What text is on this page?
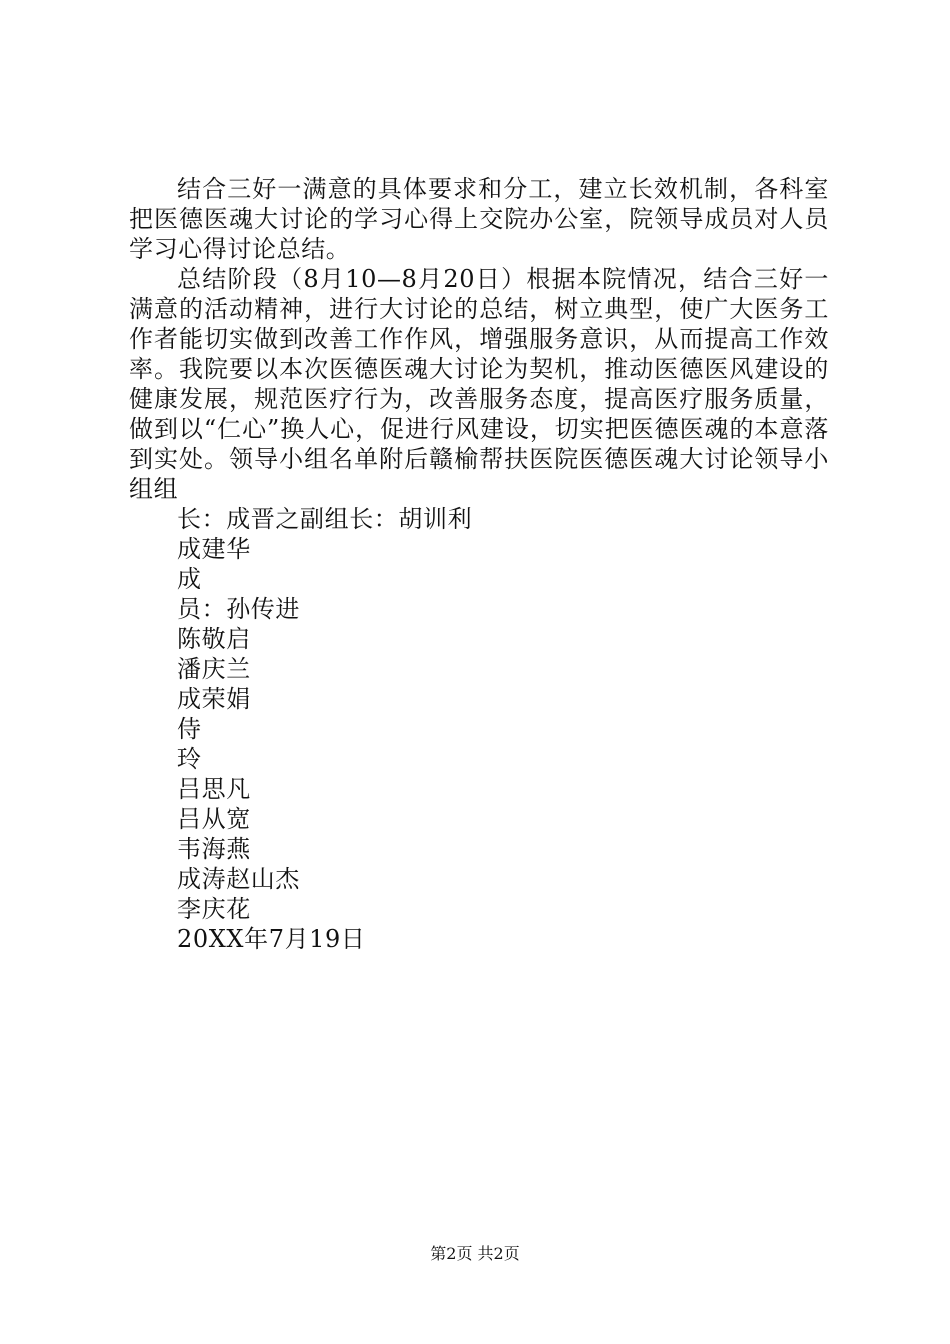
结合三好一满意的具体要求和分工，建立长效机制，各科室把医德医魂大讨论的学习心得上交院办公室，院领导成员对人员学习心得讨论总结。

总结阶段（8月10—8月20日）根据本院情况，结合三好一满意的活动精神，进行大讨论的总结，树立典型，使广大医务工作者能切实做到改善工作作风，增强服务意识，从而提高工作效率。我院要以本次医德医魂大讨论为契机，推动医德医风建设的健康发展，规范医疗行为，改善服务态度，提高医疗服务质量，做到以“仁心”换人心，促进行风建设，切实把医德医魂的本意落到实处。领导小组名单附后赣榆帮扶医院医德医魂大讨论领导小组组

长：成晋之副组长：胡训利

成建华

成

员：孙传进

陈敬启

潘庆兰

成荣娟

侍

玲

吕思凡

吕从宽

韦海燕

成涛赵山杰

李庆花

20XX年7月19日

第2页 共2页
